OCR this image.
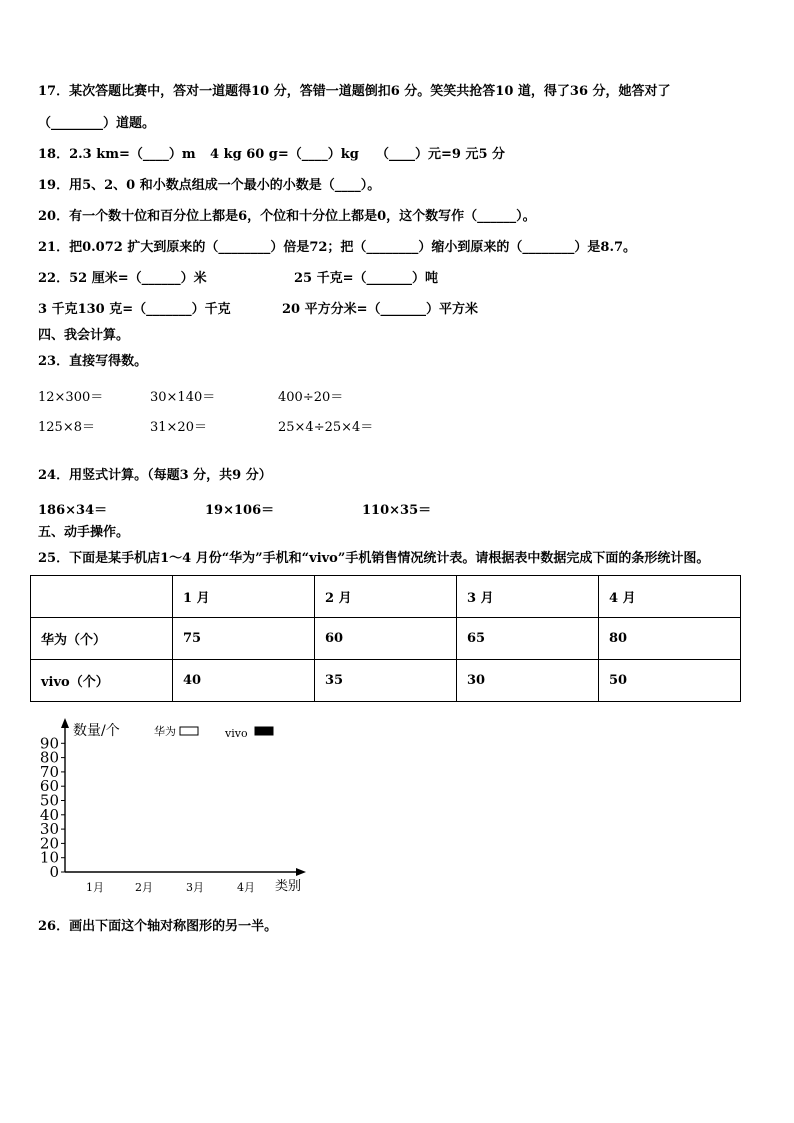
17．某次答题比赛中，答对一道题得10 分，答错一道题倒扣6 分。笑笑共抢答10 道，得了36 分，她答对了
（________）道题。
18．2.3 km=（____）m 4 kg 60 g=（____）kg （____）元=9 元5 分
19．用5、2、0 和小数点组成一个最小的小数是（____）。
20．有一个数十位和百分位上都是6，个位和十分位上都是0，这个数写作（______）。
21．把0.072 扩大到原来的（________）倍是72；把（________）缩小到原来的（________）是8.7。
22．52 厘米=（______）米	25 千克=（_______）吨
3 千克130 克=（_______）千克	20 平方分米=（_______）平方米
四、我会计算。
23．直接写得数。
12×300＝	30×140＝	400÷20＝
125×8＝	31×20＝	25×4÷25×4＝
24．用竖式计算。（每题3 分，共9 分）
186×34＝	19×106＝	110×35＝
五、动手操作。
25．下面是某手机店1～4 月份“华为”手机和“vivo”手机销售情况统计表。请根据表中数据完成下面的条形统计图。
	1 月	2 月	3 月	4 月
华为（个）	75	60	65	80
vivo（个）	40	35	30	50
数量/个
类别
华为	vivo
0
10
20
30
40
50
60
70
80
90
1月	2月	3月	4月
26．画出下面这个轴对称图形的另一半。
